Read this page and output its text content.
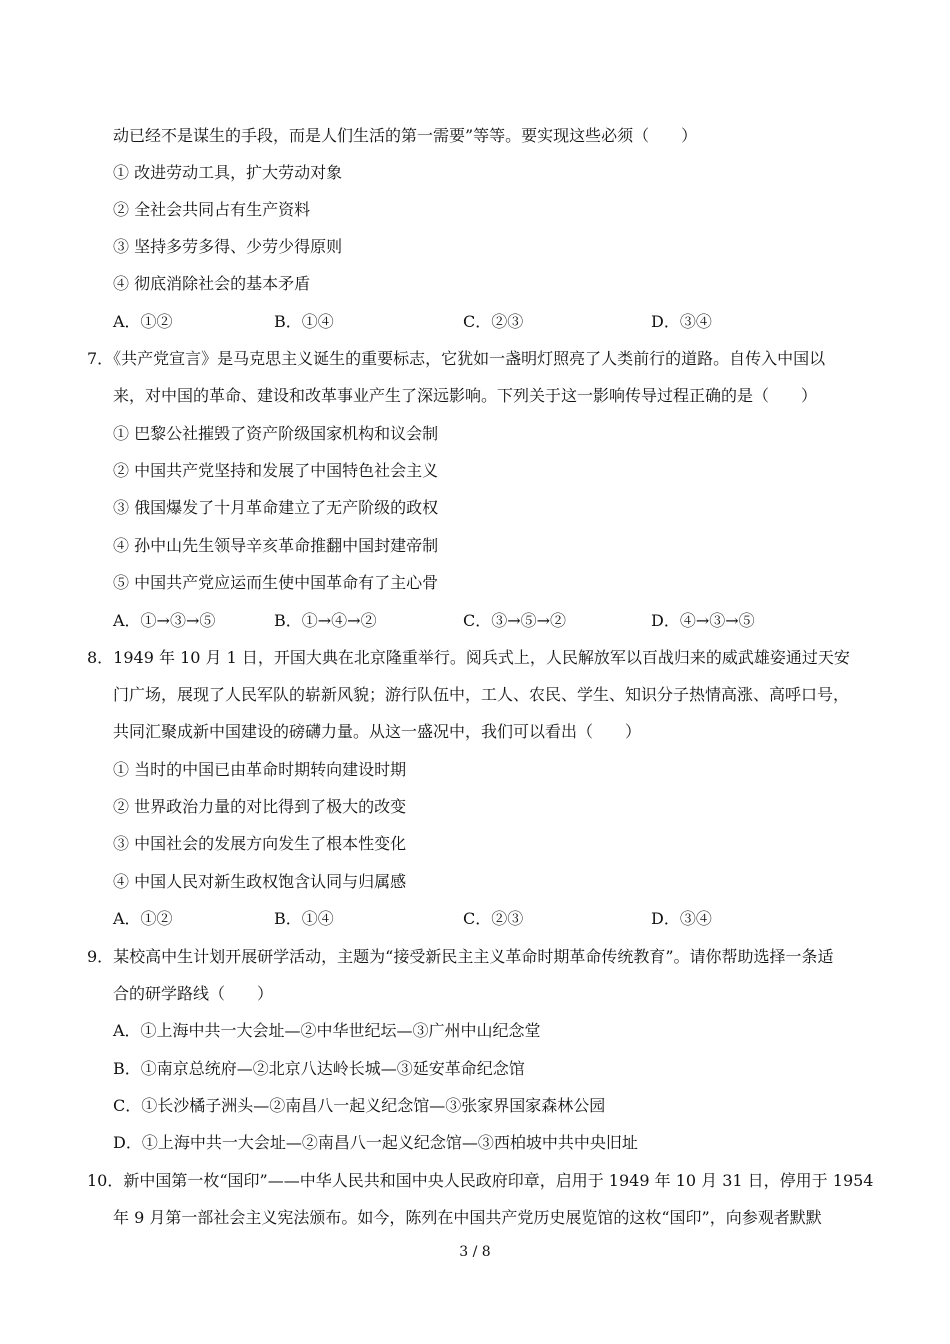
动已经不是谋生的手段，而是人们生活的第一需要”等等。要实现这些必须（　　）
① 改进劳动工具，扩大劳动对象
② 全社会共同占有生产资料
③ 坚持多劳多得、少劳少得原则
④ 彻底消除社会的基本矛盾
A．①②	B．①④	C．②③	D．③④
7．《共产党宣言》是马克思主义诞生的重要标志，它犹如一盏明灯照亮了人类前行的道路。自传入中国以
来，对中国的革命、建设和改革事业产生了深远影响。下列关于这一影响传导过程正确的是（　　）
① 巴黎公社摧毁了资产阶级国家机构和议会制
② 中国共产党坚持和发展了中国特色社会主义
③ 俄国爆发了十月革命建立了无产阶级的政权
④ 孙中山先生领导辛亥革命推翻中国封建帝制
⑤ 中国共产党应运而生使中国革命有了主心骨
A．①→③→⑤	B．①→④→②	C．③→⑤→②	D．④→③→⑤
8．1949 年 10 月 1 日，开国大典在北京隆重举行。阅兵式上，人民解放军以百战归来的威武雄姿通过天安
门广场，展现了人民军队的崭新风貌；游行队伍中，工人、农民、学生、知识分子热情高涨、高呼口号，
共同汇聚成新中国建设的磅礴力量。从这一盛况中，我们可以看出（　　）
① 当时的中国已由革命时期转向建设时期
② 世界政治力量的对比得到了极大的改变
③ 中国社会的发展方向发生了根本性变化
④ 中国人民对新生政权饱含认同与归属感
A．①②	B．①④	C．②③	D．③④
9．某校高中生计划开展研学活动，主题为“接受新民主主义革命时期革命传统教育”。请你帮助选择一条适
合的研学路线（　　）
A．①上海中共一大会址—②中华世纪坛—③广州中山纪念堂
B．①南京总统府—②北京八达岭长城—③延安革命纪念馆
C．①长沙橘子洲头—②南昌八一起义纪念馆—③张家界国家森林公园
D．①上海中共一大会址—②南昌八一起义纪念馆—③西柏坡中共中央旧址
10．新中国第一枚“国印”——中华人民共和国中央人民政府印章，启用于 1949 年 10 月 31 日，停用于 1954
年 9 月第一部社会主义宪法颁布。如今，陈列在中国共产党历史展览馆的这枚“国印”，向参观者默默
3 / 8
